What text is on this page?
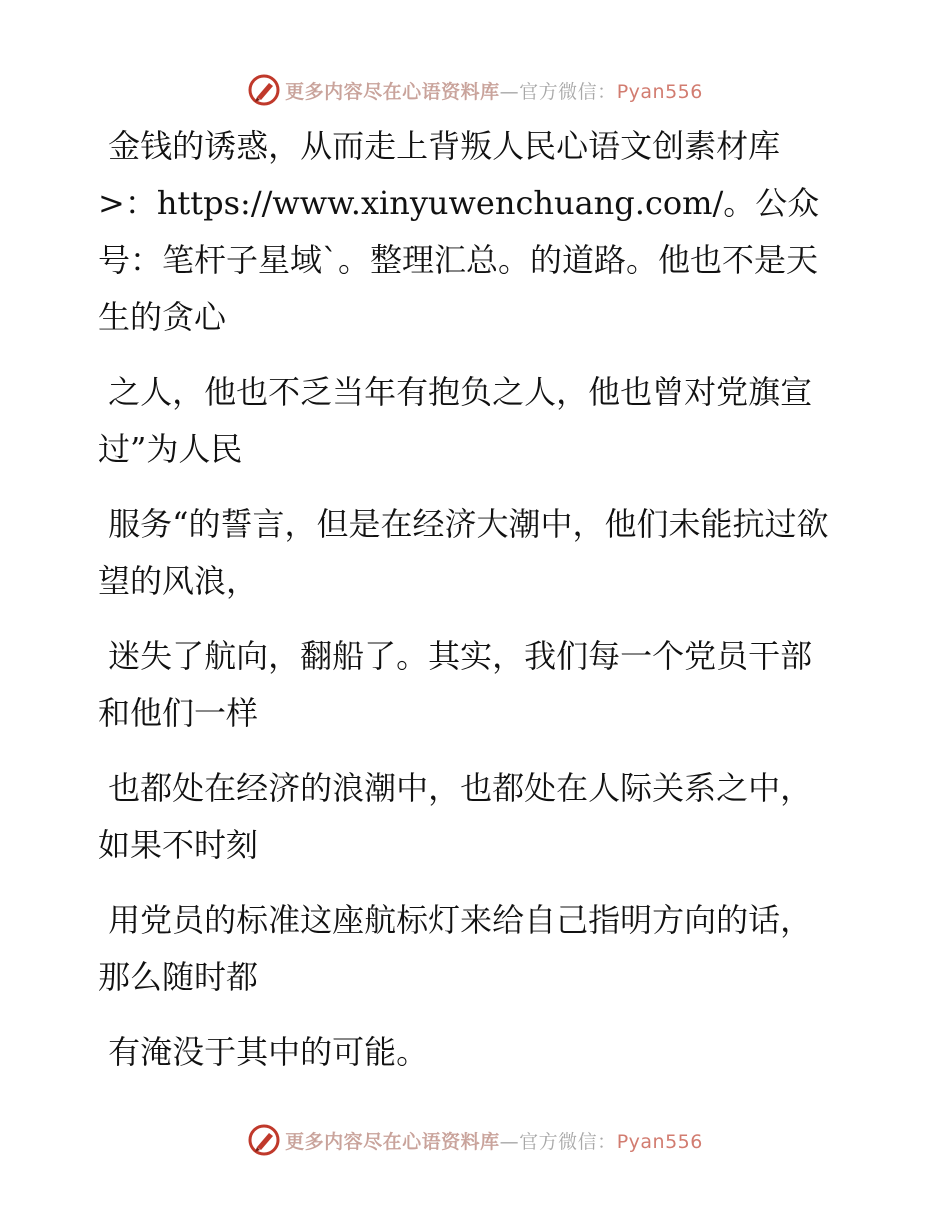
更多内容尽在心语资料库—官方微信：Pyan556

金钱的诱惑，从而走上背叛人民心语文创素材库>：https://www.xinyuwenchuang.com/。公众号：笔杆子星域`。整理汇总。的道路。他也不是天生的贪心

之人，他也不乏当年有抱负之人，他也曾对党旗宣过”为人民

服务“的誓言，但是在经济大潮中，他们未能抗过欲望的风浪，

迷失了航向，翻船了。其实，我们每一个党员干部和他们一样

也都处在经济的浪潮中，也都处在人际关系之中，如果不时刻

用党员的标准这座航标灯来给自己指明方向的话，那么随时都

有淹没于其中的可能。

更多内容尽在心语资料库—官方微信：Pyan556
